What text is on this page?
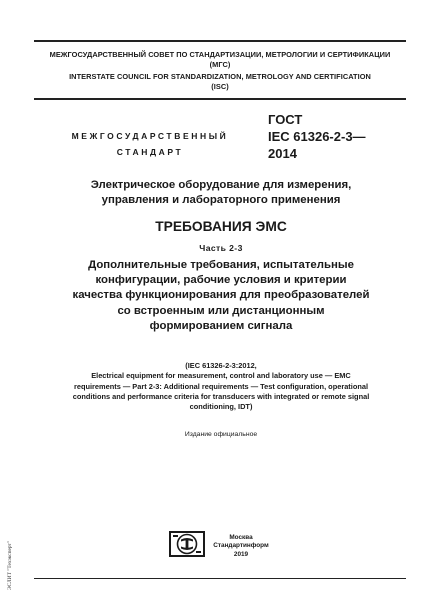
МЕЖГОСУДАРСТВЕННЫЙ СОВЕТ ПО СТАНДАРТИЗАЦИИ, МЕТРОЛОГИИ И СЕРТИФИКАЦИИ
(МГС)
INTERSTATE COUNCIL FOR STANDARDIZATION, METROLOGY AND CERTIFICATION
(ISC)
МЕЖГОСУДАРСТВЕННЫЙ
СТАНДАРТ
ГОСТ
IEC 61326-2-3—
2014
Электрическое оборудование для измерения,
управления и лабораторного применения
ТРЕБОВАНИЯ ЭМС
Часть 2-3
Дополнительные требования, испытательные
конфигурации, рабочие условия и критерии
качества функционирования для преобразователей
со встроенным или дистанционным
формированием сигнала
(IEC 61326-2-3:2012,
Electrical equipment for measurement, control and laboratory use — EMC
requirements — Part 2-3: Additional requirements — Test configuration, operational
conditions and performance criteria for transducers with integrated or remote signal
conditioning, IDT)
Издание официальное
Москва
Стандартинформ
2019
ЭСЛИТ "Техэксперт"
